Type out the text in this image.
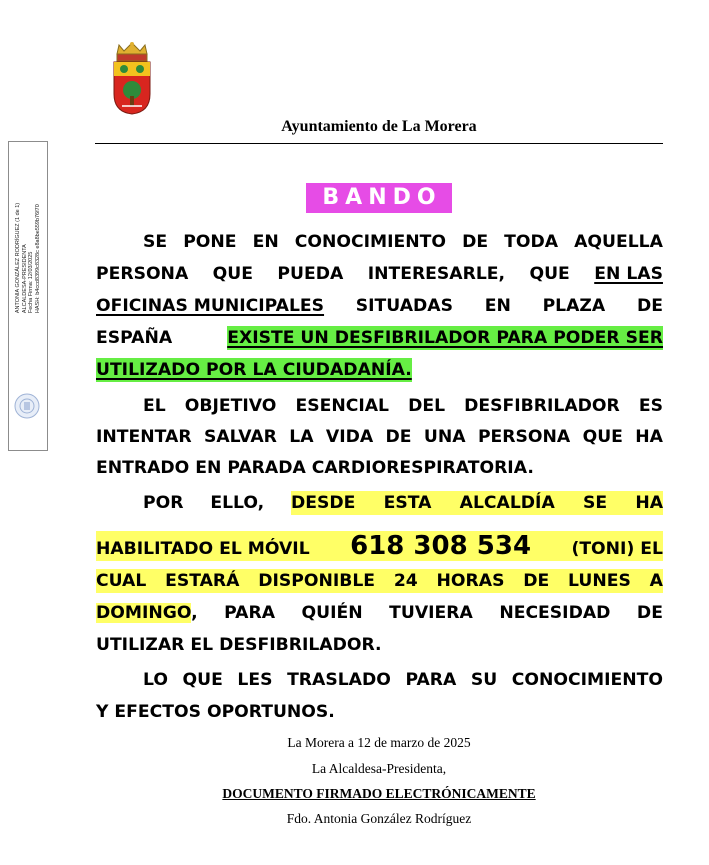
Ayuntamiento de La Morera
ANTONIA GONZÁLEZ RODRÍGUEZ (1 de 1) ALCALDESA-PRESIDENTA Fecha Firma: 12/03/2025 HASH: b4ccd8399c8328c e8a8be559b76f70
BANDO
SE PONE EN CONOCIMIENTO DE TODA AQUELLA
PERSONA QUE PUEDA INTERESARLE, QUE EN LAS
OFICINAS MUNICIPALES SITUADAS EN PLAZA DE
ESPAÑA	EXISTE UN DESFIBRILADOR PARA PODER SER
UTILIZADO POR LA CIUDADANÍA.
EL OBJETIVO ESENCIAL DEL DESFIBRILADOR ES
INTENTAR SALVAR LA VIDA DE UNA PERSONA QUE HA
ENTRADO EN PARADA CARDIORESPIRATORIA.
POR ELLO, DESDE ESTA ALCALDÍA SE HA
HABILITADO EL MÓVIL 618 308 534 (TONI) EL
CUAL ESTARÁ DISPONIBLE 24 HORAS DE LUNES A
DOMINGO, PARA QUIÉN TUVIERA NECESIDAD DE
UTILIZAR EL DESFIBRILADOR.
LO QUE LES TRASLADO PARA SU CONOCIMIENTO
Y EFECTOS OPORTUNOS.
La Morera a 12 de marzo de 2025
La Alcaldesa-Presidenta,
DOCUMENTO FIRMADO ELECTRÓNICAMENTE
Fdo. Antonia González Rodríguez
